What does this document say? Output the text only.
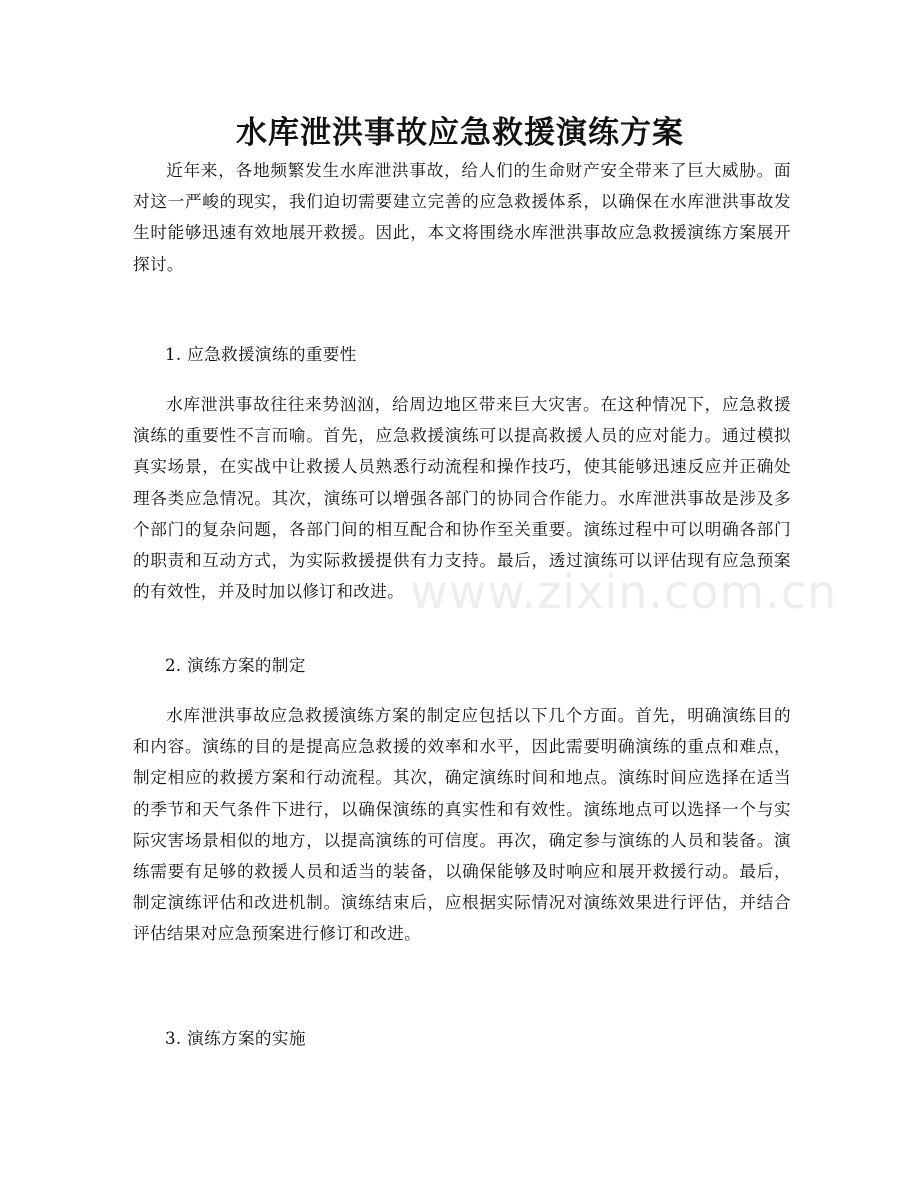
水库泄洪事故应急救援演练方案

近年来，各地频繁发生水库泄洪事故，给人们的生命财产安全带来了巨大威胁。面对这一严峻的现实，我们迫切需要建立完善的应急救援体系，以确保在水库泄洪事故发生时能够迅速有效地展开救援。因此，本文将围绕水库泄洪事故应急救援演练方案展开探讨。

1. 应急救援演练的重要性

水库泄洪事故往往来势汹汹，给周边地区带来巨大灾害。在这种情况下，应急救援演练的重要性不言而喻。首先，应急救援演练可以提高救援人员的应对能力。通过模拟真实场景，在实战中让救援人员熟悉行动流程和操作技巧，使其能够迅速反应并正确处理各类应急情况。其次，演练可以增强各部门的协同合作能力。水库泄洪事故是涉及多个部门的复杂问题，各部门间的相互配合和协作至关重要。演练过程中可以明确各部门的职责和互动方式，为实际救援提供有力支持。最后，透过演练可以评估现有应急预案的有效性，并及时加以修订和改进。

2. 演练方案的制定

水库泄洪事故应急救援演练方案的制定应包括以下几个方面。首先，明确演练目的和内容。演练的目的是提高应急救援的效率和水平，因此需要明确演练的重点和难点，制定相应的救援方案和行动流程。其次，确定演练时间和地点。演练时间应选择在适当的季节和天气条件下进行，以确保演练的真实性和有效性。演练地点可以选择一个与实际灾害场景相似的地方，以提高演练的可信度。再次，确定参与演练的人员和装备。演练需要有足够的救援人员和适当的装备，以确保能够及时响应和展开救援行动。最后，制定演练评估和改进机制。演练结束后，应根据实际情况对演练效果进行评估，并结合评估结果对应急预案进行修订和改进。

3. 演练方案的实施

www.zixin.com.cn
